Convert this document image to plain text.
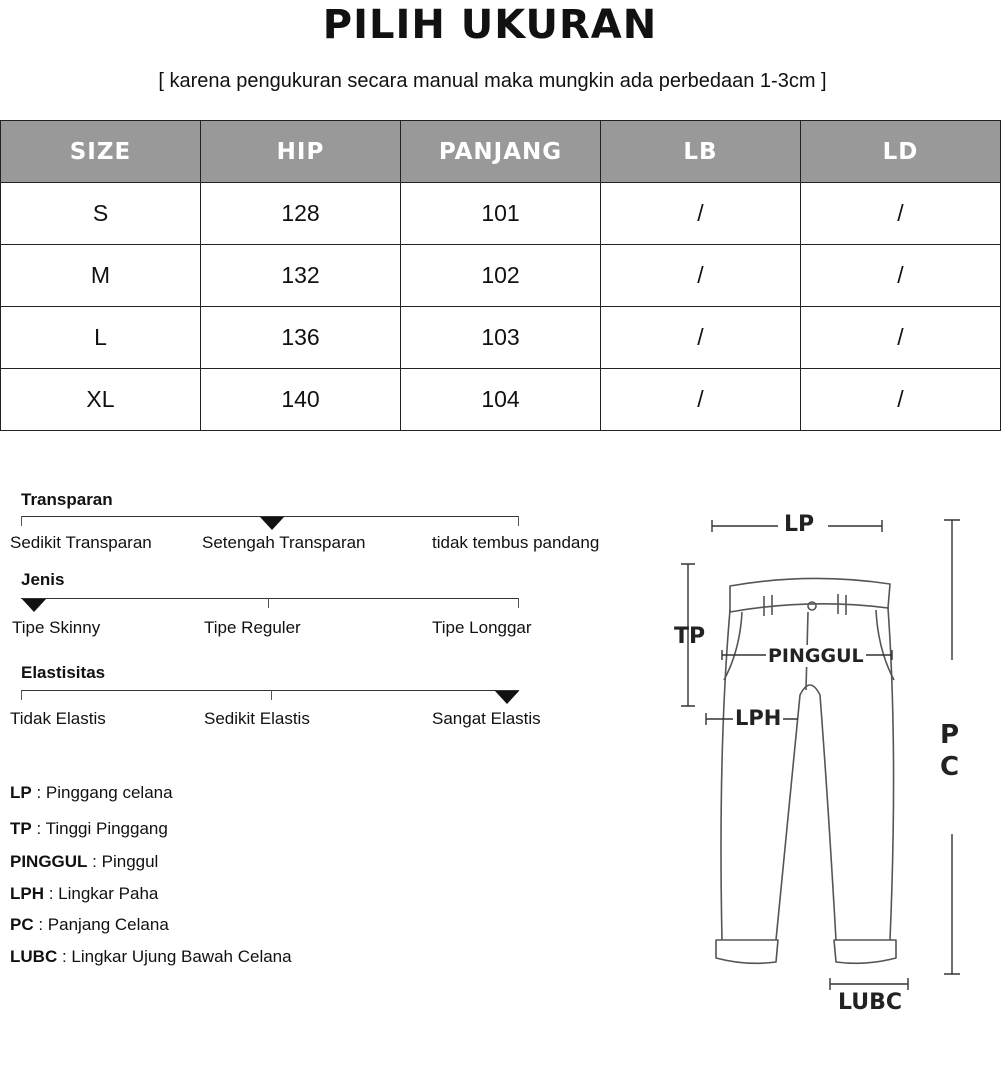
PILIH UKURAN
[ karena pengukuran secara manual maka mungkin ada perbedaan 1-3cm ]
SIZE	HIP	PANJANG	LB	LD
S	128	101	/	/
M	132	102	/	/
L	136	103	/	/
XL	140	104	/	/
Transparan
Sedikit Transparan	Setengah Transparan	tidak tembus pandang
Jenis
Tipe Skinny	Tipe Reguler	Tipe Longgar
Elastisitas
Tidak Elastis	Sedikit Elastis	Sangat Elastis
LP : Pinggang celana
TP : Tinggi Pinggang
PINGGUL : Pinggul
LPH : Lingkar Paha
PC : Panjang Celana
LUBC : Lingkar Ujung Bawah Celana
LP
TP
PINGGUL
LPH
P
C
LUBC
